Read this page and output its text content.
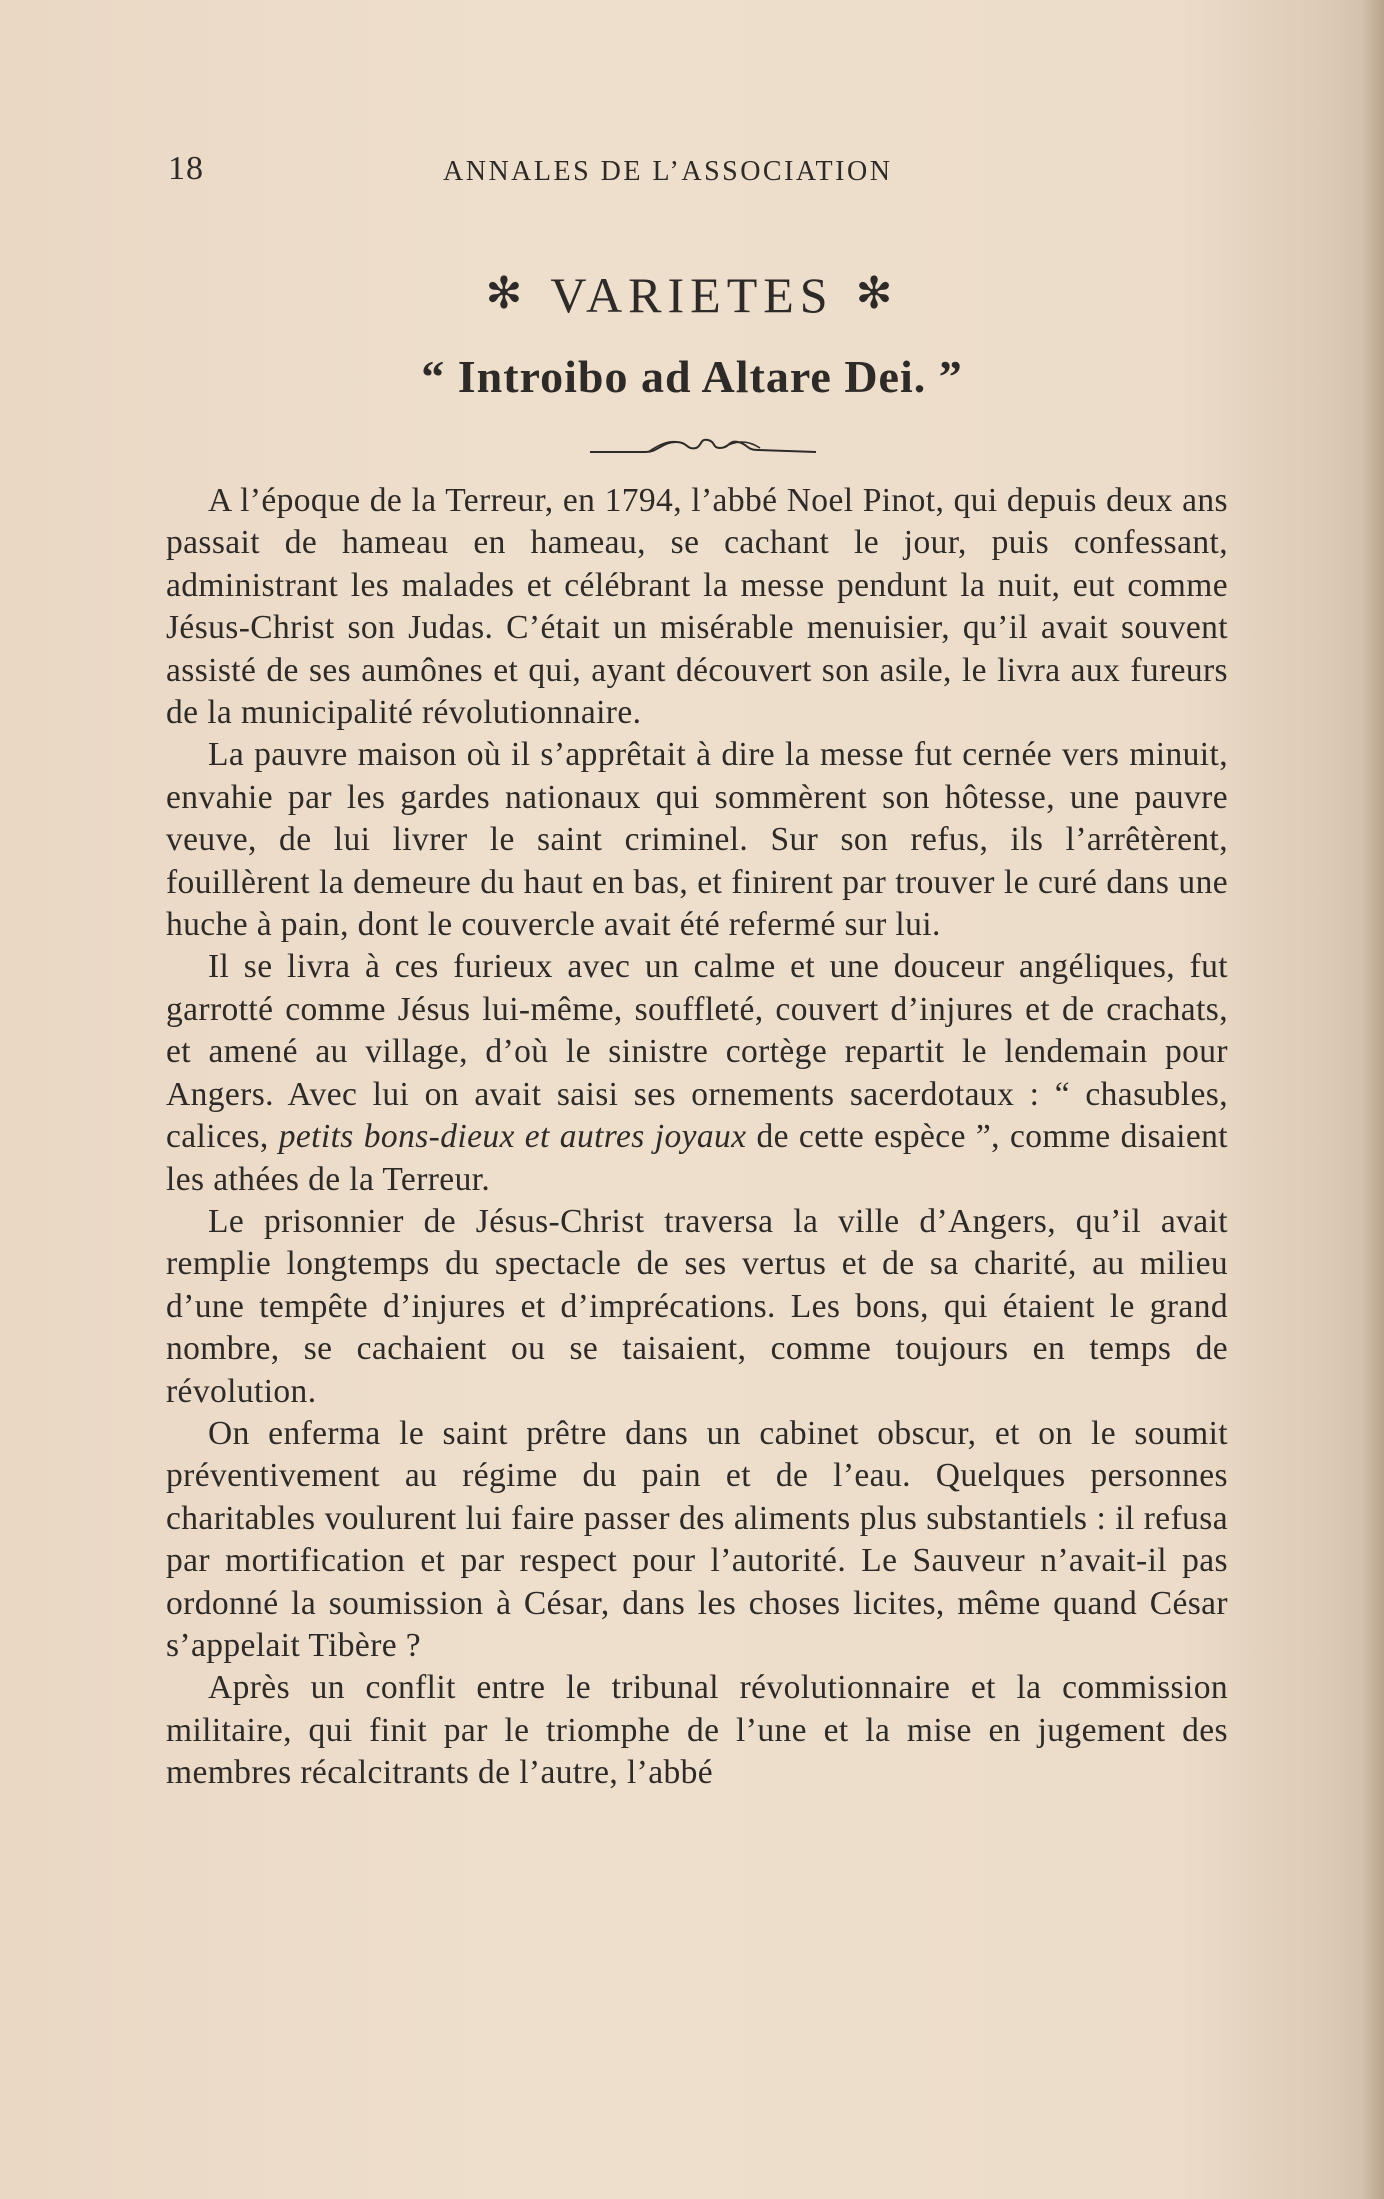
18	ANNALES DE L’ASSOCIATION
✻ VARIETES ✻
“ Introibo ad Altare Dei. ”

A l’époque de la Terreur, en 1794, l’abbé Noel Pinot, qui depuis deux ans passait de hameau en hameau, se cachant le jour, puis confessant, administrant les malades et célébrant la messe pendunt la nuit, eut comme Jésus-Christ son Judas. C’était un misérable menuisier, qu’il avait souvent assisté de ses aumônes et qui, ayant découvert son asile, le livra aux fureurs de la municipalité révolutionnaire.

La pauvre maison où il s’apprêtait à dire la messe fut cernée vers minuit, envahie par les gardes nationaux qui sommèrent son hôtesse, une pauvre veuve, de lui livrer le saint criminel. Sur son refus, ils l’arrêtèrent, fouillèrent la demeure du haut en bas, et finirent par trouver le curé dans une huche à pain, dont le couvercle avait été refermé sur lui.

Il se livra à ces furieux avec un calme et une douceur angéliques, fut garrotté comme Jésus lui-même, souffleté, couvert d’injures et de crachats, et amené au village, d’où le sinistre cortège repartit le lendemain pour Angers. Avec lui on avait saisi ses ornements sacerdotaux : “ chasubles, calices, petits bons-dieux et autres joyaux de cette espèce ”, comme disaient les athées de la Terreur.

Le prisonnier de Jésus-Christ traversa la ville d’Angers, qu’il avait remplie longtemps du spectacle de ses vertus et de sa charité, au milieu d’une tempête d’injures et d’imprécations. Les bons, qui étaient le grand nombre, se cachaient ou se taisaient, comme toujours en temps de révolution.

On enferma le saint prêtre dans un cabinet obscur, et on le soumit préventivement au régime du pain et de l’eau. Quelques personnes charitables voulurent lui faire passer des aliments plus substantiels : il refusa par mortification et par respect pour l’autorité. Le Sauveur n’avait-il pas ordonné la soumission à César, dans les choses licites, même quand César s’appelait Tibère ?

Après un conflit entre le tribunal révolutionnaire et la commission militaire, qui finit par le triomphe de l’une et la mise en jugement des membres récalcitrants de l’autre, l’abbé
